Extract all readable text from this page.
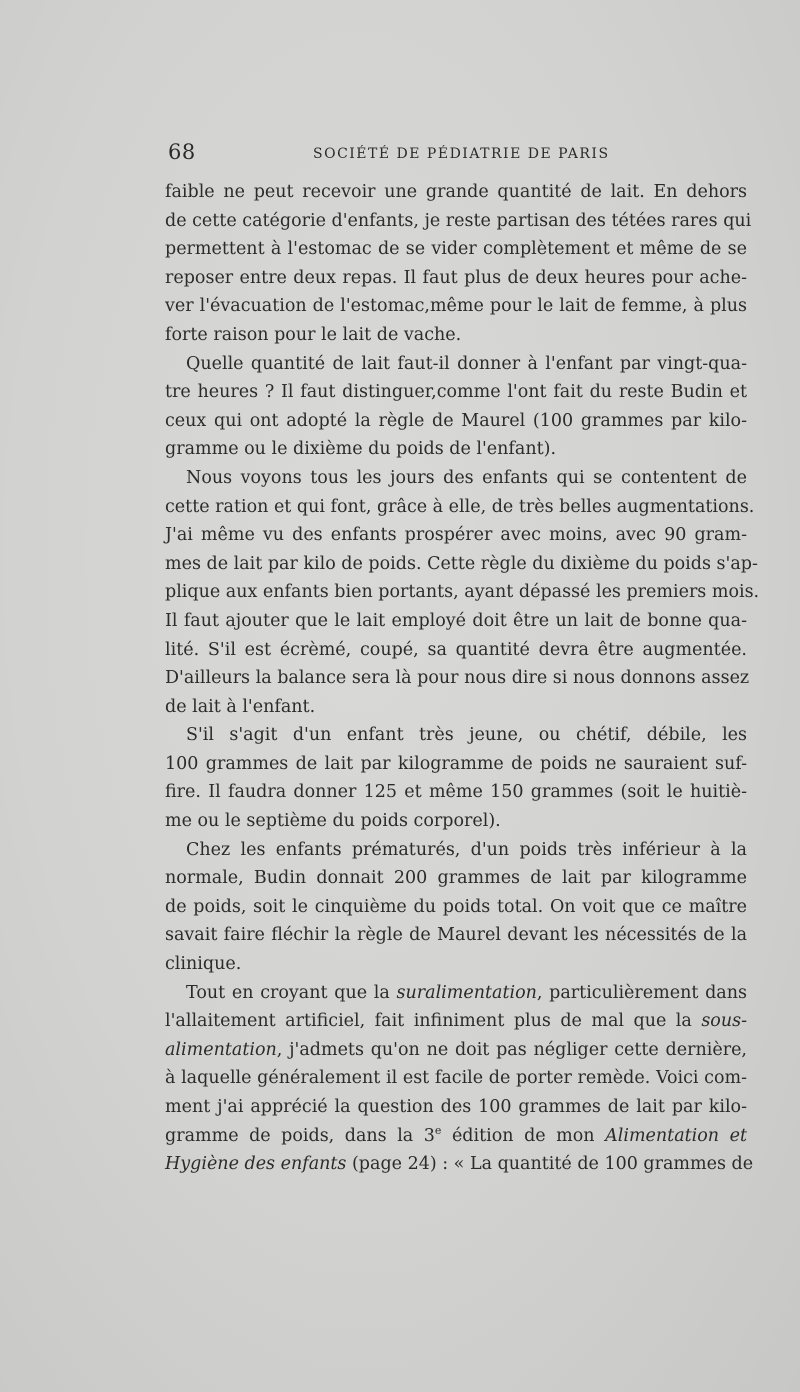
68	SOCIÉTÉ DE PÉDIATRIE DE PARIS
faible ne peut recevoir une grande quantité de lait. En dehors
de cette catégorie d'enfants, je reste partisan des tétées rares qui
permettent à l'estomac de se vider complètement et même de se
reposer entre deux repas. Il faut plus de deux heures pour ache-
ver l'évacuation de l'estomac,même pour le lait de femme, à plus
forte raison pour le lait de vache.
Quelle quantité de lait faut-il donner à l'enfant par vingt-qua-
tre heures ? Il faut distinguer,comme l'ont fait du reste Budin et
ceux qui ont adopté la règle de Maurel (100 grammes par kilo-
gramme ou le dixième du poids de l'enfant).
Nous voyons tous les jours des enfants qui se contentent de
cette ration et qui font, grâce à elle, de très belles augmentations.
J'ai même vu des enfants prospérer avec moins, avec 90 gram-
mes de lait par kilo de poids. Cette règle du dixième du poids s'ap-
plique aux enfants bien portants, ayant dépassé les premiers mois.
Il faut ajouter que le lait employé doit être un lait de bonne qua-
lité. S'il est écrèmé, coupé, sa quantité devra être augmentée.
D'ailleurs la balance sera là pour nous dire si nous donnons assez
de lait à l'enfant.
S'il s'agit d'un enfant très jeune, ou chétif, débile, les
100 grammes de lait par kilogramme de poids ne sauraient suf-
fire. Il faudra donner 125 et même 150 grammes (soit le huitiè-
me ou le septième du poids corporel).
Chez les enfants prématurés, d'un poids très inférieur à la
normale, Budin donnait 200 grammes de lait par kilogramme
de poids, soit le cinquième du poids total. On voit que ce maître
savait faire fléchir la règle de Maurel devant les nécessités de la
clinique.
Tout en croyant que la suralimentation, particulièrement dans
l'allaitement artificiel, fait infiniment plus de mal que la sous-
alimentation, j'admets qu'on ne doit pas négliger cette dernière,
à laquelle généralement il est facile de porter remède. Voici com-
ment j'ai apprécié la question des 100 grammes de lait par kilo-
gramme de poids, dans la 3e édition de mon Alimentation et
Hygiène des enfants (page 24) : « La quantité de 100 grammes de
